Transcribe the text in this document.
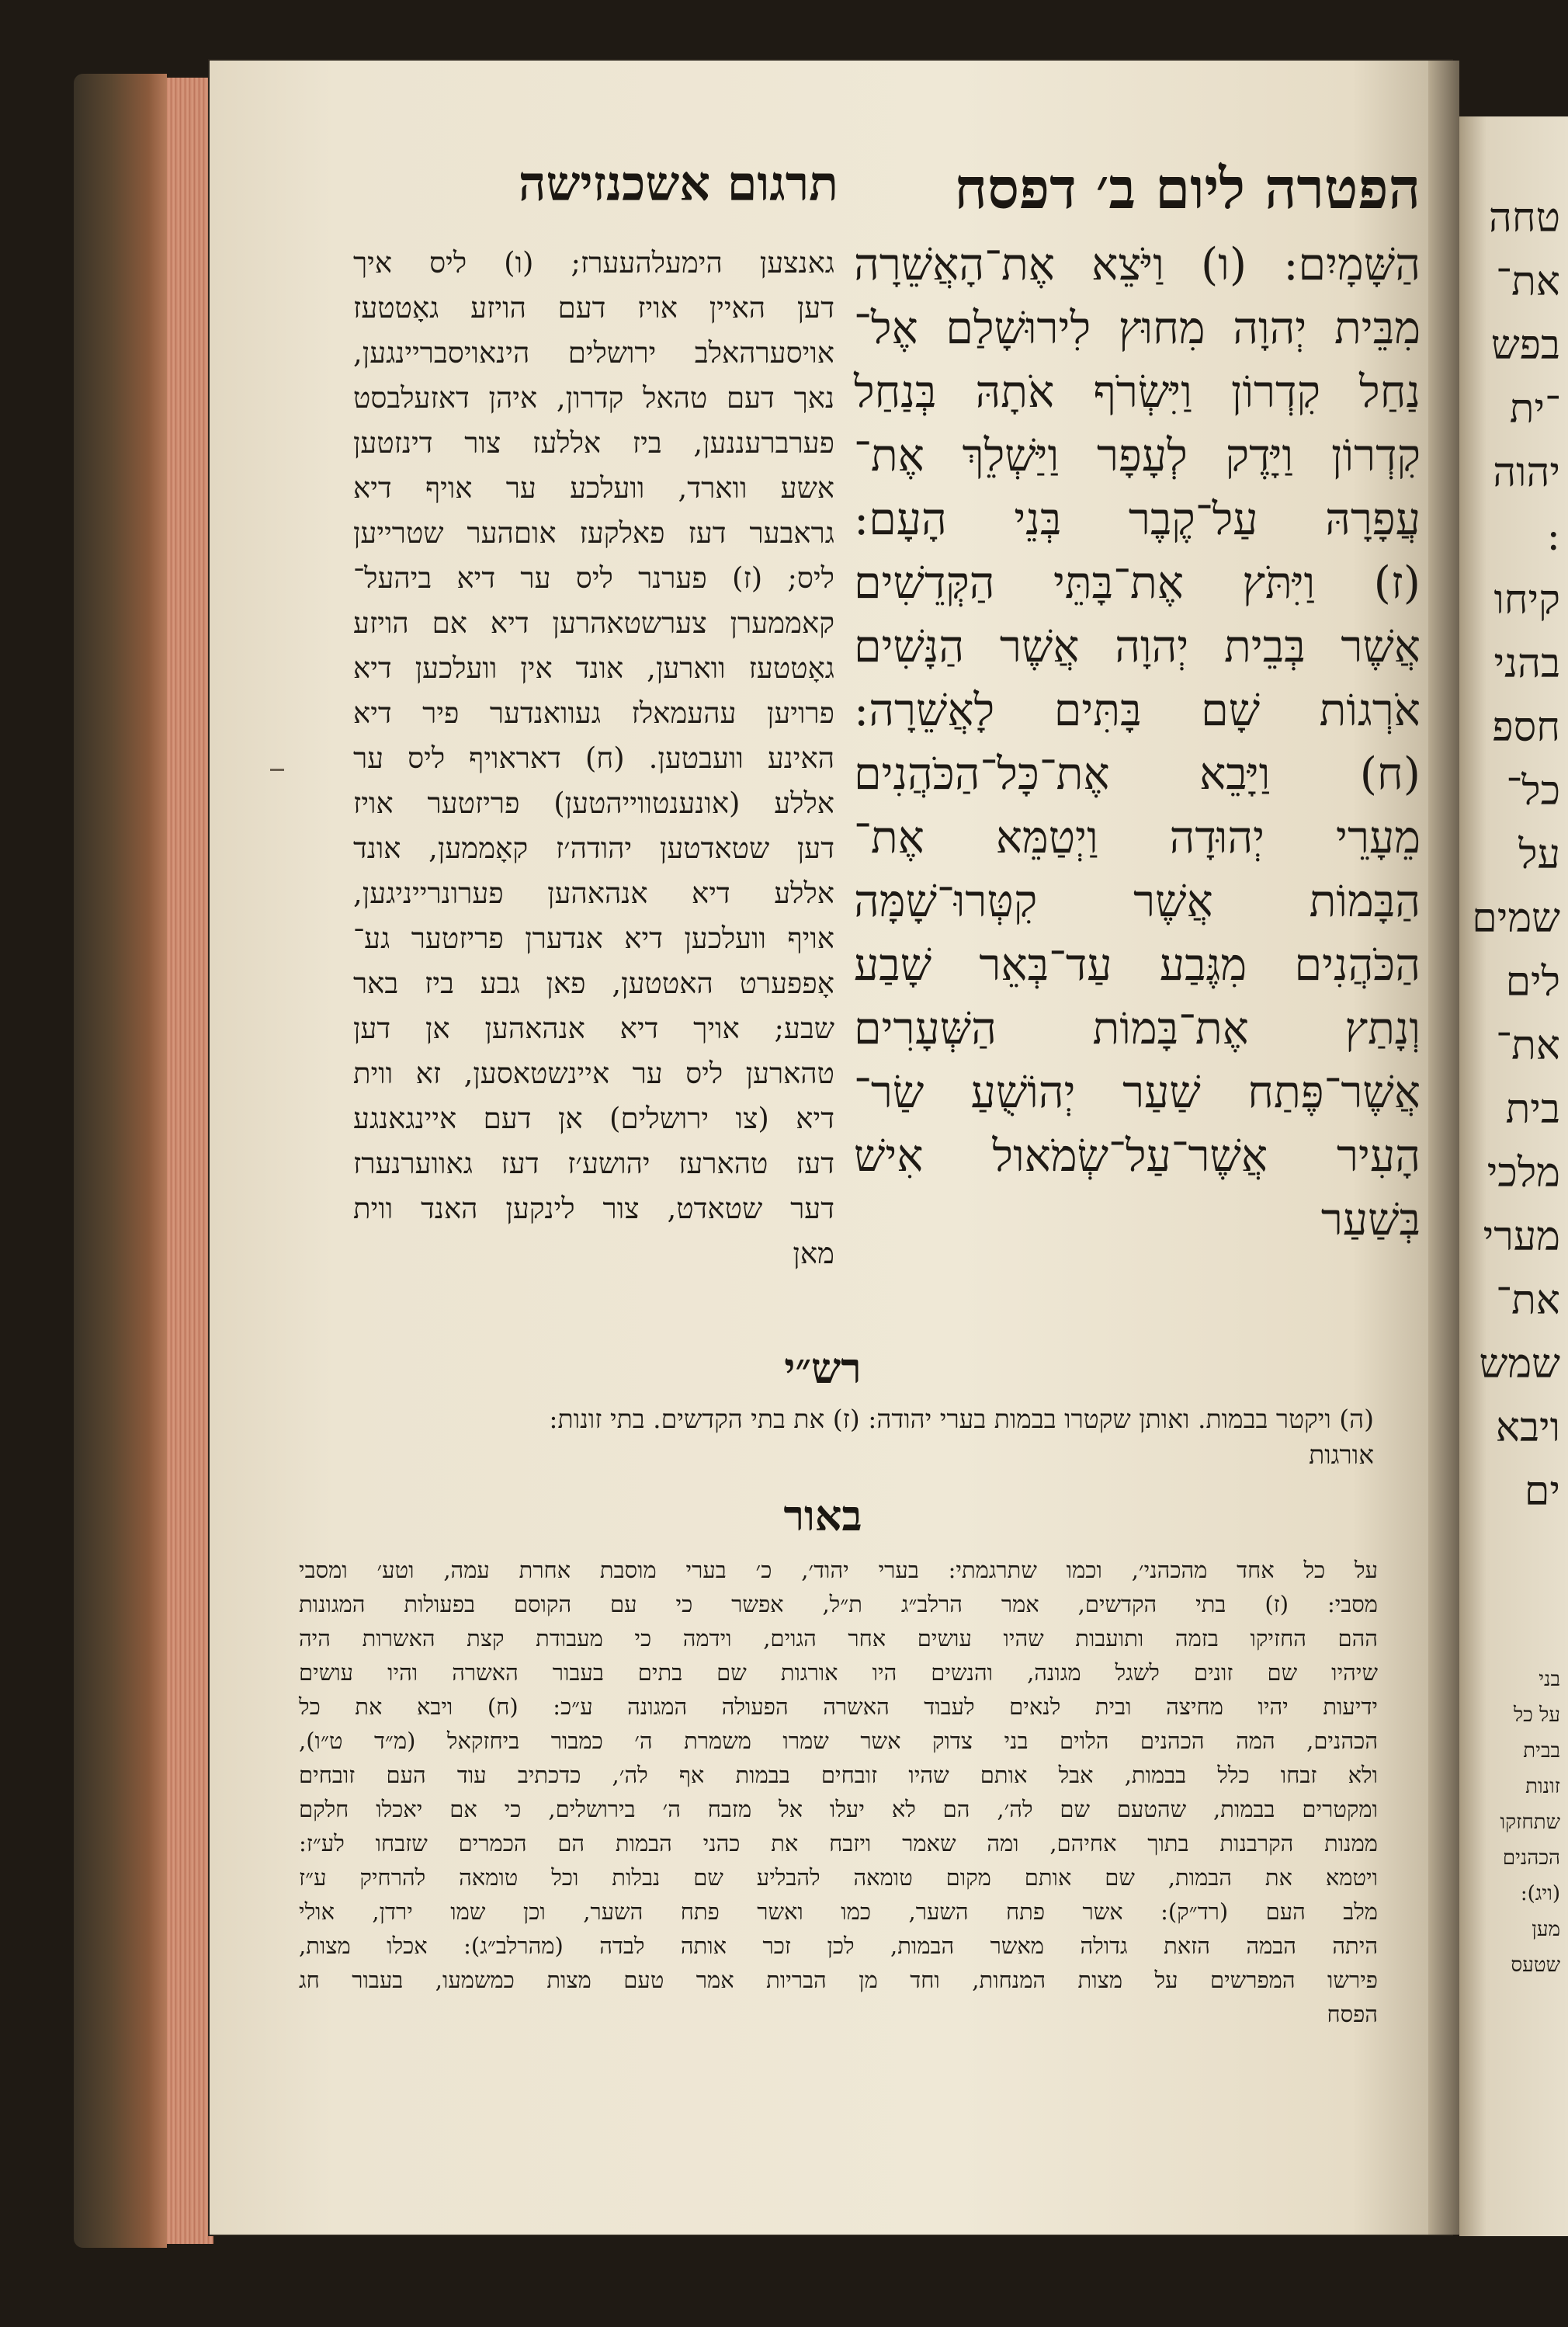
הפטרה ליום ב׳ דפסח
תרגום אשכנזישה
הַשָּׁמָיִם: (ו) וַיֹּצֵא אֶת־הָאֲשֵׁרָה
מִבֵּית יְהוָה מִחוּץ לִירוּשָׁלַם אֶל־
נַחַל קִדְרוֹן וַיִּשְׂרֹף אֹתָהּ בְּנַחַל
קִדְרוֹן וַיָּדֶק לְעָפָר וַיַּשְׁלֵךְ אֶת־
עֲפָרָהּ עַל־קֶבֶר בְּנֵי הָעָם:
(ז) וַיִּתֹּץ אֶת־בָּתֵּי הַקְּדֵשִׁים
אֲשֶׁר בְּבֵית יְהוָה אֲשֶׁר הַנָּשִׁים
אֹרְגוֹת שָׁם בָּתִּים לָאֲשֵׁרָה:
(ח) וַיָּבֵא אֶת־כָּל־הַכֹּהֲנִים
מֵעָרֵי יְהוּדָה וַיְטַמֵּא אֶת־
הַבָּמוֹת אֲשֶׁר קִטְּרוּ־שָׁמָּה
הַכֹּהֲנִים מִגֶּבַע עַד־בְּאֵר שָׁבַע
וְנָתַץ אֶת־בָּמוֹת הַשְּׁעָרִים
אֲשֶׁר־פֶּתַח שַׁעַר יְהוֹשֻׁעַ שַׂר־
הָעִיר אֲשֶׁר־עַל־שְׂמֹאול אִישׁ
בְּשַׁעַר
גאנצען הימעלהעערז; (ו) ליס איך
דען האיין אויז דעם הויזע גאָטטעז
אויסערהאלב ירושלים הינאויסבריינגען,
נאך דעם טהאל קדרון, איהן דאזעלבסט
פערברעננען, ביז אללעז צור דינזטען
אשע ווארד, וועלכע ער אויף דיא
גראבער דעז פאלקעז אוםהער שטרייען
ליס; (ז) פערנר ליס ער דיא ביהעל־
קאממערן צערשטאהרען דיא אם הויזע
גאָטטעז ווארען, אונד אין וועלכען דיא
פרויען עהעמאלז געוואנדער פיר דיא
האינע וועבטען. (ח) דאראויף ליס ער
אללע (אונענטווייהטען) פריזטער אויז
דען שטאדטען יהודה׳ז קאָממען, אונד
אללע דיא אנהאהען פערונרייניגען,
אויף וועלכען דיא אנדערן פריזטער גע־
אָפפערט האטטען, פאן גבע ביז באר
שבע; אויך דיא אנהאהען אן דען
טהארען ליס ער איינשטאסען, זא ווית
דיא (צו ירושלים) אן דעם איינגאנגע
דעז טהארעז יהושע׳ז דעז גאווערנערז
דער שטאדט, צור לינקען האנד ווית
מאן
רש״י
(ה) ויקטר בבמות. ואותן שקטרו בבמות בערי יהודה: (ז) את בתי הקדשים. בתי זונות:
אורגות
באור
על כל אחד מהכהני׳, וכמו שתרגמתי: בערי יהוד׳, כ׳ בערי מוסבת אחרת עמה, וטע׳ ומסבי
מסבי: (ז) בתי הקדשים, אמר הרלב״ג ת״ל, אפשר כי עם הקוסם בפעולות המגונות
ההם החזיקו בזמה ותועבות שהיו עושים אחר הגוים, וידמה כי מעבודת קצת האשרות היה
שיהיו שם זונים לשגל מגונה, והנשים היו אורגות שם בתים בעבור האשרה והיו עושים
ידיעות יהיו מחיצה ובית לנאים לעבוד האשרה הפעולה המגונה ע״כ: (ח) ויבא את כל
הכהנים, המה הכהנים הלוים בני צדוק אשר שמרו משמרת ה׳ כמבור ביחזקאל (מ״ד ט״ו),
ולא זבחו כלל בבמות, אבל אותם שהיו זובחים בבמות אף לה׳, כדכתיב עוד העם זובחים
ומקטרים בבמות, שהטעם שם לה׳, הם לא יעלו אל מזבח ה׳ בירושלים, כי אם יאכלו חלקם
ממנות הקרבנות בתוך אחיהם, ומה שאמר ויזבח את כהני הבמות הם הכמרים שזבחו לע״ז:
ויטמא את הבמות, שם אותם מקום טומאה להבליע שם נבלות וכל טומאה להרחיק ע״ז
מלב העם (רד״ק): אשר פתח השער, כמו ואשר פתח השער, וכן שמו ירדן, אולי
היתה הבמה הזאת גדולה מאשר הבמות, לכן זכר אותה לבדה (מהרלב״ג): אכלו מצות,
פירשו המפרשים על מצות המנחות, וחד מן הבריות אמר טעם מצות כמשמעו, בעבור חג
הפסח
טחה
את־
בפש
־ית
יהוה
:
קיחו
בהני
חספ
כל־
על
שמים
לים
את־
בית
מלכי
מערי
את־
שמש
ויבא
ים
בני
על כל
בבית
זונות
שתחזקו
הכהנים
(ויג):
מען
שטעס
